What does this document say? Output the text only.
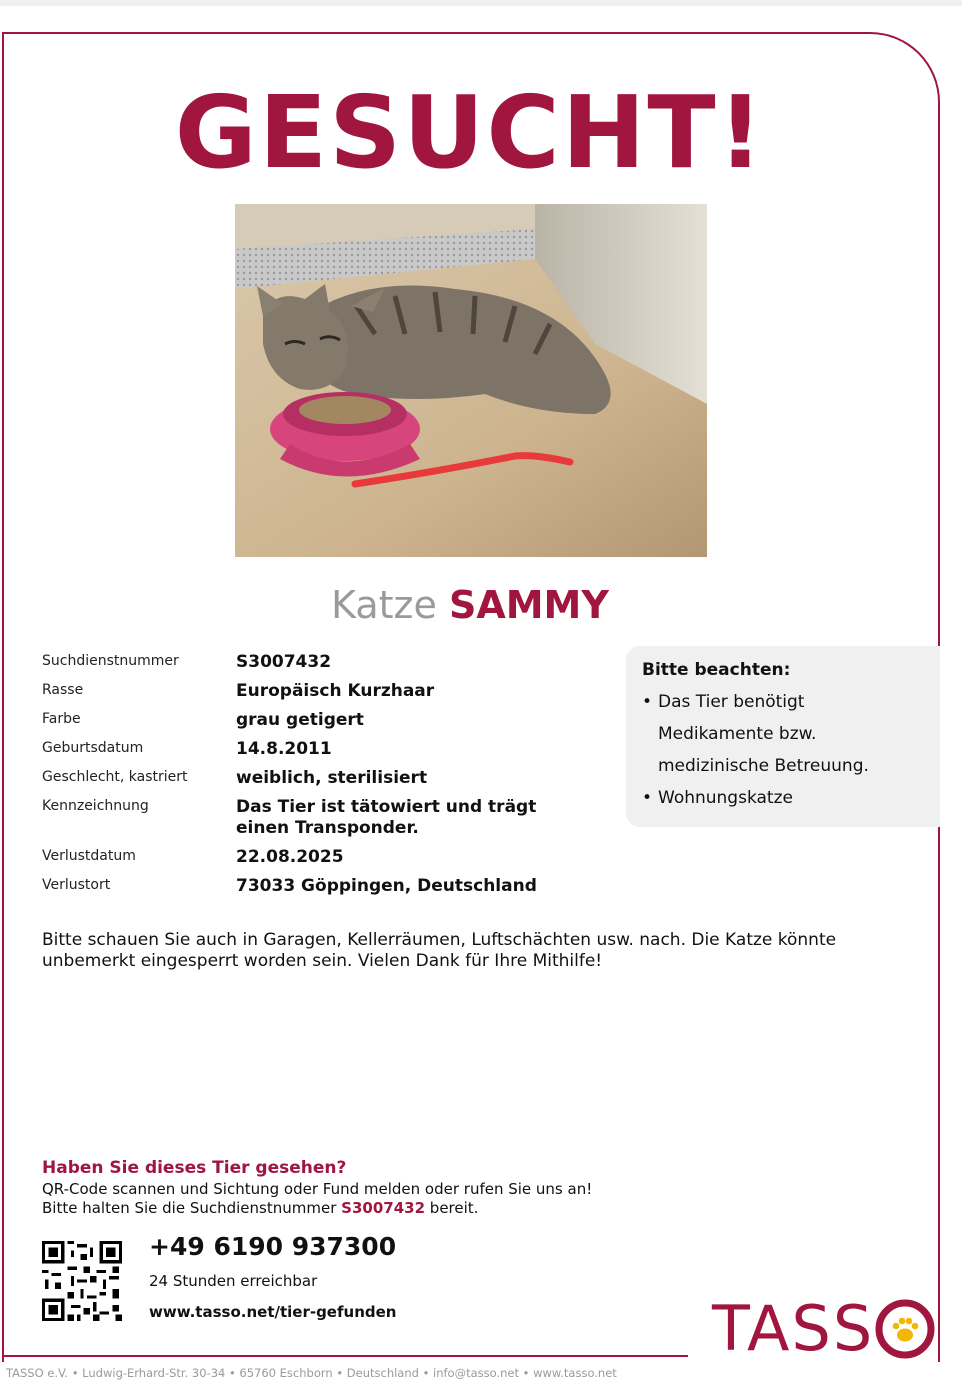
GESUCHT!
Katze SAMMY
Suchdienstnummer	S3007432
Rasse	Europäisch Kurzhaar
Farbe	grau getigert
Geburtsdatum	14.8.2011
Geschlecht, kastriert	weiblich, sterilisiert
Kennzeichnung	Das Tier ist tätowiert und trägt einen Transponder.
Verlustdatum	22.08.2025
Verlustort	73033 Göppingen, Deutschland
Bitte beachten:
• Das Tier benötigt Medikamente bzw. medizinische Betreuung.
• Wohnungskatze
Bitte schauen Sie auch in Garagen, Kellerräumen, Luftschächten usw. nach. Die Katze könnte unbemerkt eingesperrt worden sein. Vielen Dank für Ihre Mithilfe!
Haben Sie dieses Tier gesehen?
QR-Code scannen und Sichtung oder Fund melden oder rufen Sie uns an!
Bitte halten Sie die Suchdienstnummer S3007432 bereit.
+49 6190 937300
24 Stunden erreichbar
www.tasso.net/tier-gefunden	TASS
TASSO e.V. • Ludwig-Erhard-Str. 30-34 • 65760 Eschborn • Deutschland • info@tasso.net • www.tasso.net
